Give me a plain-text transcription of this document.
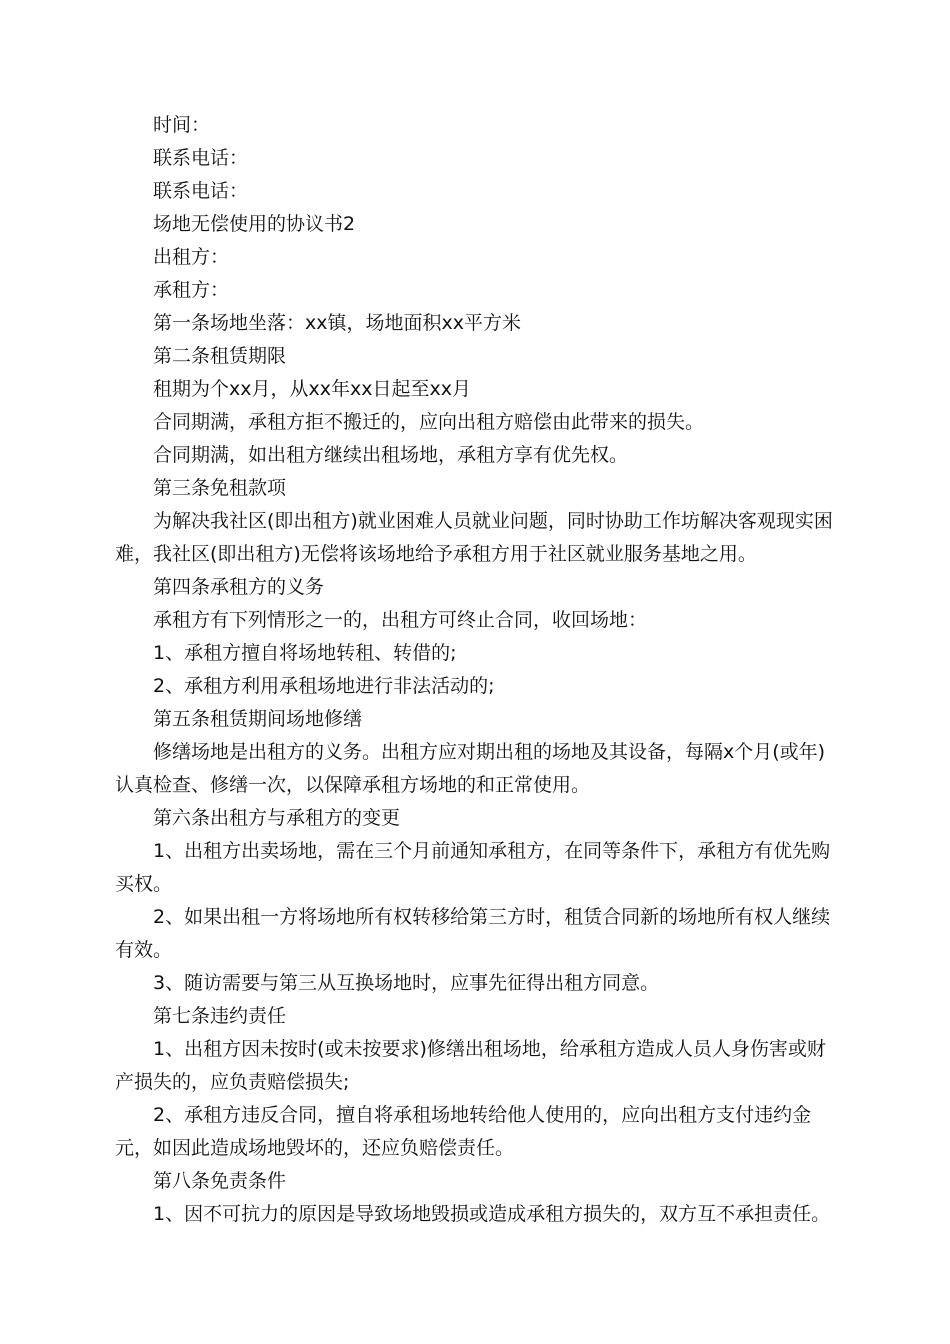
时间：

联系电话：

联系电话：

场地无偿使用的协议书2

出租方：

承租方：

第一条场地坐落：xx镇，场地面积xx平方米

第二条租赁期限

租期为个xx月，从xx年xx日起至xx月

合同期满，承租方拒不搬迁的，应向出租方赔偿由此带来的损失。

合同期满，如出租方继续出租场地，承租方享有优先权。

第三条免租款项

为解决我社区(即出租方)就业困难人员就业问题，同时协助工作坊解决客观现实困难，我社区(即出租方)无偿将该场地给予承租方用于社区就业服务基地之用。

第四条承租方的义务

承租方有下列情形之一的，出租方可终止合同，收回场地：

1、承租方擅自将场地转租、转借的;

2、承租方利用承租场地进行非法活动的;

第五条租赁期间场地修缮

修缮场地是出租方的义务。出租方应对期出租的场地及其设备，每隔x个月(或年)认真检查、修缮一次，以保障承租方场地的和正常使用。

第六条出租方与承租方的变更

1、出租方出卖场地，需在三个月前通知承租方，在同等条件下，承租方有优先购买权。

2、如果出租一方将场地所有权转移给第三方时，租赁合同新的场地所有权人继续有效。

3、随访需要与第三从互换场地时，应事先征得出租方同意。

第七条违约责任

1、出租方因未按时(或未按要求)修缮出租场地，给承租方造成人员人身伤害或财产损失的，应负责赔偿损失;

2、承租方违反合同，擅自将承租场地转给他人使用的，应向出租方支付违约金元，如因此造成场地毁坏的，还应负赔偿责任。

第八条免责条件

1、因不可抗力的原因是导致场地毁损或造成承租方损失的，双方互不承担责任。
